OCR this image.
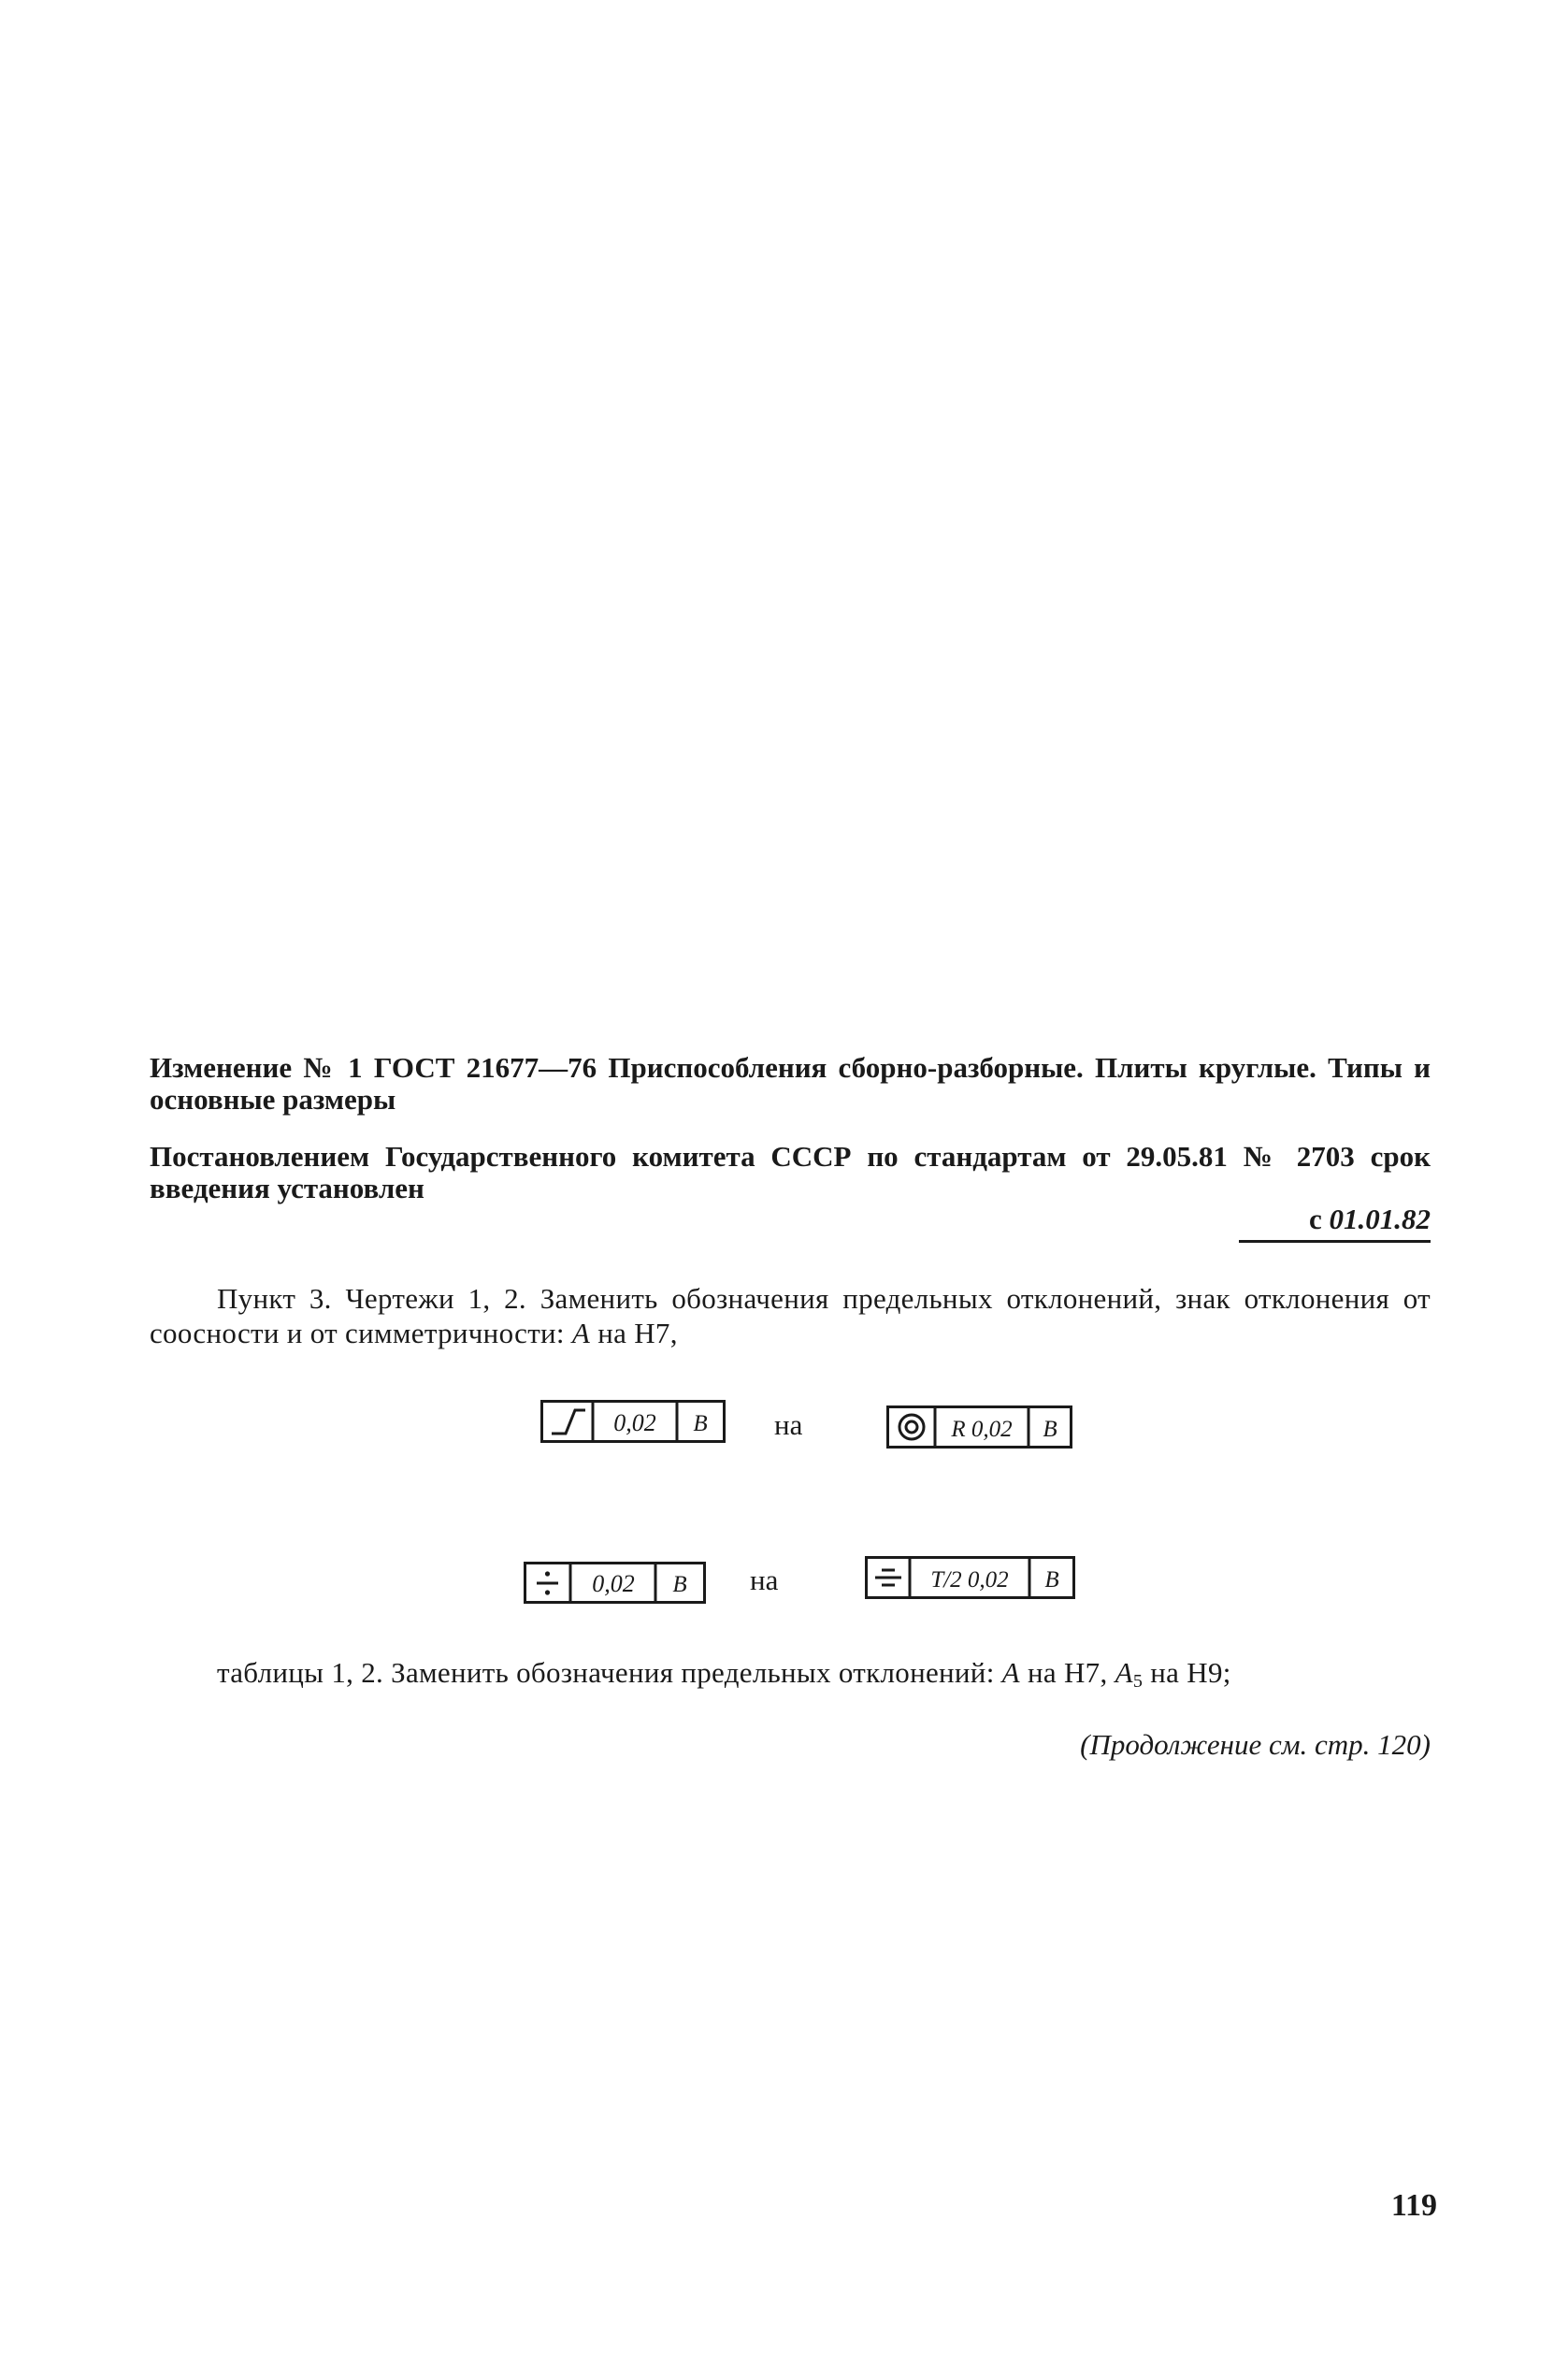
Изменение № 1 ГОСТ 21677—76 Приспособления сборно-разборные. Плиты круглые. Типы и основные размеры
Постановлением Государственного комитета СССР по стандартам от 29.05.81 № 2703 срок введения установлен
с 01.01.82
Пункт 3. Чертежи 1, 2. Заменить обозначения предельных отклонений, знак отклонения от соосности и от симметричности: A на H7,
0,02 В на	R 0,02 В
0,02 В на	T/2 0,02 В
таблицы 1, 2. Заменить обозначения предельных отклонений: A на H7, $A_5$ на H9;
(Продолжение см. стр. 120)
119
